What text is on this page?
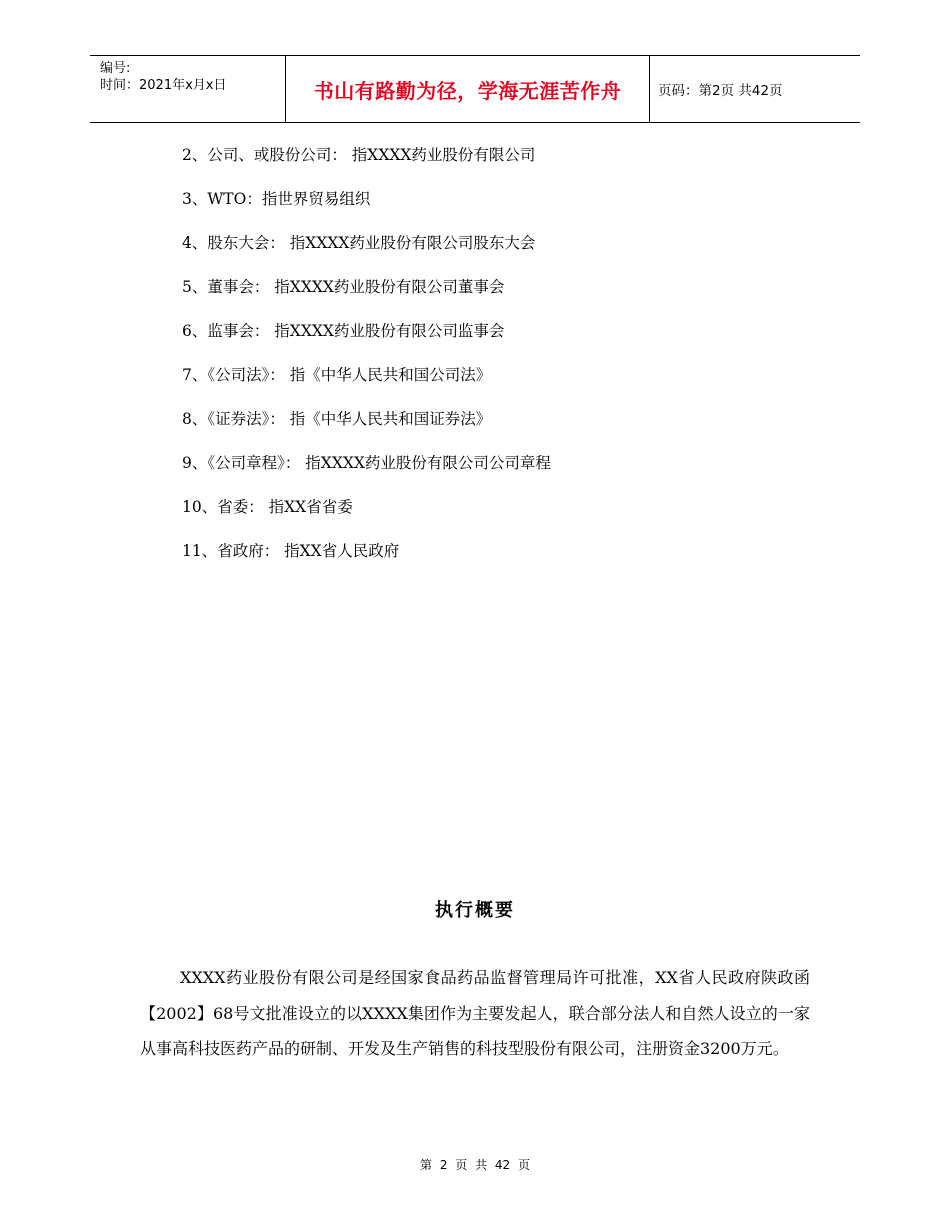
编号:
时间：2021年x月x日	书山有路勤为径，学海无涯苦作舟	页码：第2页 共42页
2、公司、或股份公司： 指XXXX药业股份有限公司
3、WTO：指世界贸易组织
4、股东大会： 指XXXX药业股份有限公司股东大会
5、董事会： 指XXXX药业股份有限公司董事会
6、监事会： 指XXXX药业股份有限公司监事会
7、《公司法》： 指《中华人民共和国公司法》
8、《证券法》： 指《中华人民共和国证券法》
9、《公司章程》： 指XXXX药业股份有限公司公司章程
10、省委： 指XX省省委
11、省政府： 指XX省人民政府
执行概要
XXXX药业股份有限公司是经国家食品药品监督管理局许可批准，XX省人民政府陕政函【2002】68号文批准设立的以XXXX集团作为主要发起人，联合部分法人和自然人设立的一家从事高科技医药产品的研制、开发及生产销售的科技型股份有限公司，注册资金3200万元。
第 2 页 共 42 页
